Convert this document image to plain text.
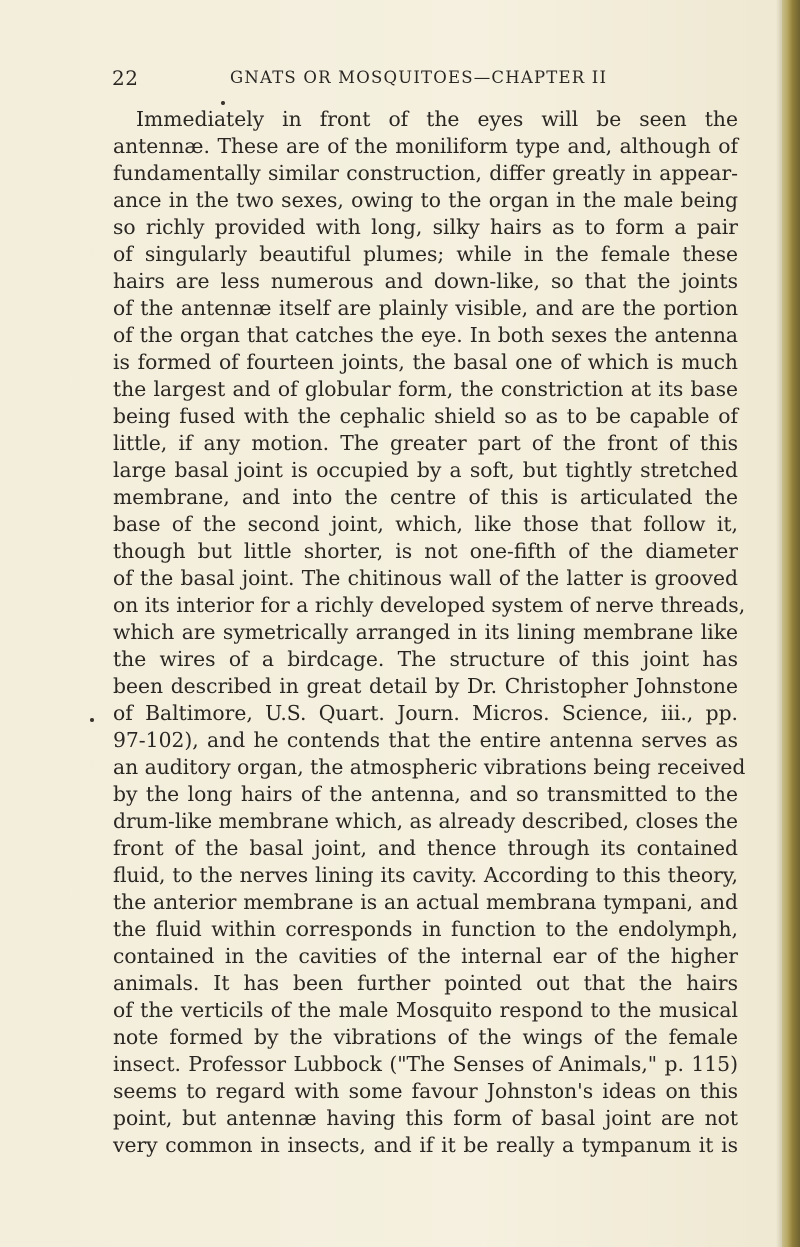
22	GNATS OR MOSQUITOES—CHAPTER II
Immediately in front of the eyes will be seen the
antennæ. These are of the moniliform type and, although of
fundamentally similar construction, differ greatly in appear-
ance in the two sexes, owing to the organ in the male being
so richly provided with long, silky hairs as to form a pair
of singularly beautiful plumes; while in the female these
hairs are less numerous and down-like, so that the joints
of the antennæ itself are plainly visible, and are the portion
of the organ that catches the eye. In both sexes the antenna
is formed of fourteen joints, the basal one of which is much
the largest and of globular form, the constriction at its base
being fused with the cephalic shield so as to be capable of
little, if any motion. The greater part of the front of this
large basal joint is occupied by a soft, but tightly stretched
membrane, and into the centre of this is articulated the
base of the second joint, which, like those that follow it,
though but little shorter, is not one-fifth of the diameter
of the basal joint. The chitinous wall of the latter is grooved
on its interior for a richly developed system of nerve threads,
which are symetrically arranged in its lining membrane like
the wires of a birdcage. The structure of this joint has
been described in great detail by Dr. Christopher Johnstone
of Baltimore, U.S. Quart. Journ. Micros. Science, iii., pp.
97-102), and he contends that the entire antenna serves as
an auditory organ, the atmospheric vibrations being received
by the long hairs of the antenna, and so transmitted to the
drum-like membrane which, as already described, closes the
front of the basal joint, and thence through its contained
fluid, to the nerves lining its cavity. According to this theory,
the anterior membrane is an actual membrana tympani, and
the fluid within corresponds in function to the endolymph,
contained in the cavities of the internal ear of the higher
animals. It has been further pointed out that the hairs
of the verticils of the male Mosquito respond to the musical
note formed by the vibrations of the wings of the female
insect. Professor Lubbock ("The Senses of Animals," p. 115)
seems to regard with some favour Johnston's ideas on this
point, but antennæ having this form of basal joint are not
very common in insects, and if it be really a tympanum it is
